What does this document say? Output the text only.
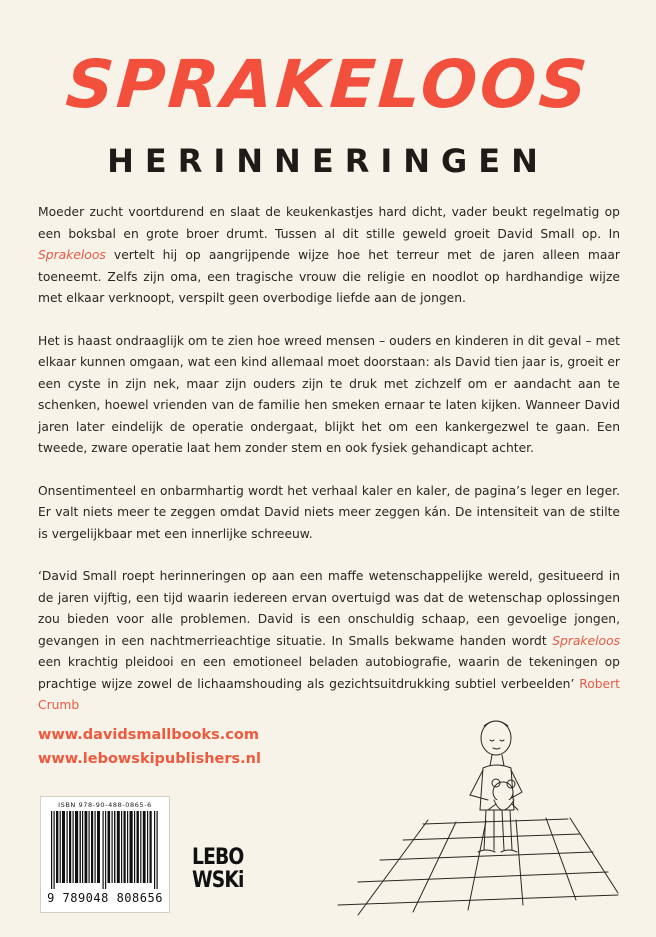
SPRAKELOOS
HERINNERINGEN

Moeder zucht voortdurend en slaat de keukenkastjes hard dicht, vader beukt regelmatig op een boksbal en grote broer drumt. Tussen al dit stille geweld groeit David Small op. In Sprakeloos vertelt hij op aangrijpende wijze hoe het terreur met de jaren alleen maar toeneemt. Zelfs zijn oma, een tragische vrouw die religie en noodlot op hardhandige wijze met elkaar verknoopt, verspilt geen overbodige liefde aan de jongen.

Het is haast ondraaglijk om te zien hoe wreed mensen – ouders en kinderen in dit geval – met elkaar kunnen omgaan, wat een kind allemaal moet doorstaan: als David tien jaar is, groeit er een cyste in zijn nek, maar zijn ouders zijn te druk met zichzelf om er aandacht aan te schenken, hoewel vrienden van de familie hen smeken ernaar te laten kijken. Wanneer David jaren later eindelijk de operatie ondergaat, blijkt het om een kankergezwel te gaan. Een tweede, zware operatie laat hem zonder stem en ook fysiek gehandicapt achter.

Onsentimenteel en onbarmhartig wordt het verhaal kaler en kaler, de pagina’s leger en leger. Er valt niets meer te zeggen omdat David niets meer zeggen kán. De intensiteit van de stilte is vergelijkbaar met een innerlijke schreeuw.

‘David Small roept herinneringen op aan een maffe wetenschappelijke wereld, gesitueerd in de jaren vijftig, een tijd waarin iedereen ervan overtuigd was dat de wetenschap oplossingen zou bieden voor alle problemen. David is een onschuldig schaap, een gevoelige jongen, gevangen in een nachtmerrieachtige situatie. In Smalls bekwame handen wordt Sprakeloos een krachtig pleidooi en een emotioneel beladen autobiografie, waarin de tekeningen op prachtige wijze zowel de lichaamshouding als gezichtsuitdrukking subtiel verbeelden’ Robert Crumb

www.davidsmallbooks.com
www.lebowskipublishers.nl
ISBN 978-90-488-0865-6
9 789048 808656
LEBO
WSKi
